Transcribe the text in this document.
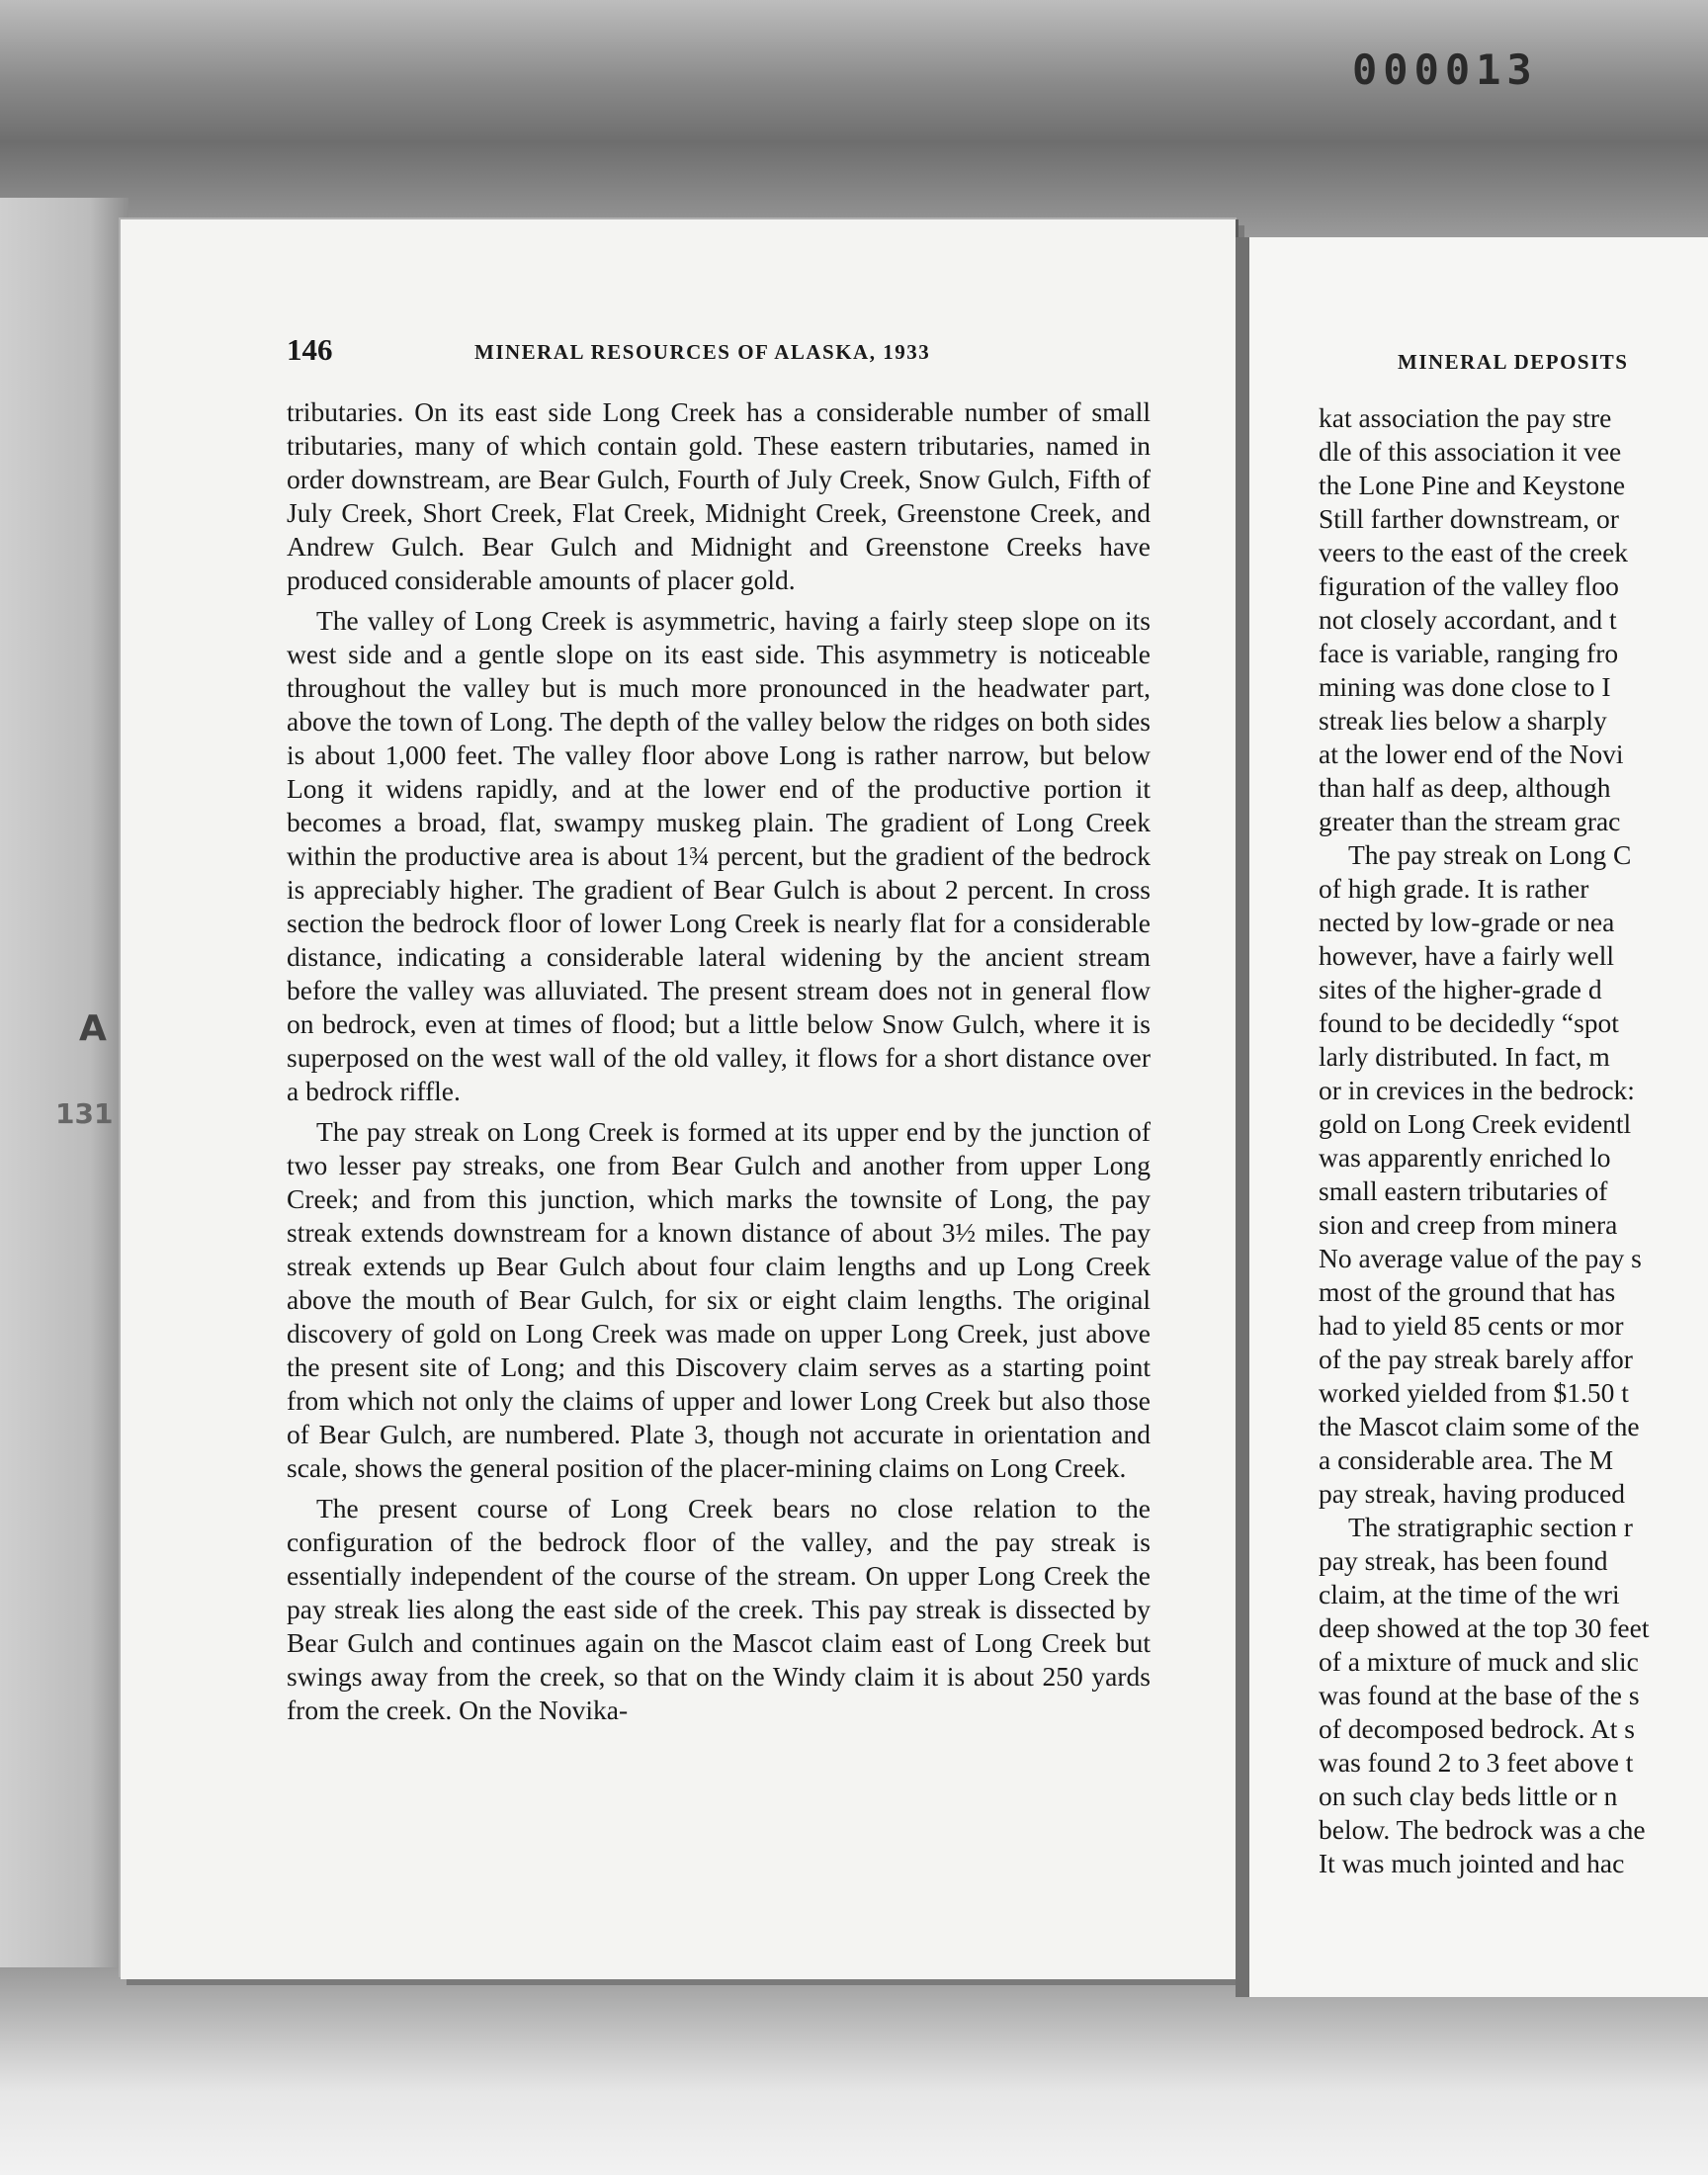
000013
146	MINERAL RESOURCES OF ALASKA, 1933

tributaries. On its east side Long Creek has a considerable number of small tributaries, many of which contain gold. These eastern tributaries, named in order downstream, are Bear Gulch, Fourth of July Creek, Snow Gulch, Fifth of July Creek, Short Creek, Flat Creek, Midnight Creek, Greenstone Creek, and Andrew Gulch. Bear Gulch and Midnight and Greenstone Creeks have produced considerable amounts of placer gold.

The valley of Long Creek is asymmetric, having a fairly steep slope on its west side and a gentle slope on its east side. This asymmetry is noticeable throughout the valley but is much more pronounced in the headwater part, above the town of Long. The depth of the valley below the ridges on both sides is about 1,000 feet. The valley floor above Long is rather narrow, but below Long it widens rapidly, and at the lower end of the productive portion it becomes a broad, flat, swampy muskeg plain. The gradient of Long Creek within the productive area is about 1¾ percent, but the gradient of the bedrock is appreciably higher. The gradient of Bear Gulch is about 2 percent. In cross section the bedrock floor of lower Long Creek is nearly flat for a considerable distance, indicating a considerable lateral widening by the ancient stream before the valley was alluviated. The present stream does not in general flow on bedrock, even at times of flood; but a little below Snow Gulch, where it is superposed on the west wall of the old valley, it flows for a short distance over a bedrock riffle.

The pay streak on Long Creek is formed at its upper end by the junction of two lesser pay streaks, one from Bear Gulch and another from upper Long Creek; and from this junction, which marks the townsite of Long, the pay streak extends downstream for a known distance of about 3½ miles. The pay streak extends up Bear Gulch about four claim lengths and up Long Creek above the mouth of Bear Gulch, for six or eight claim lengths. The original discovery of gold on Long Creek was made on upper Long Creek, just above the present site of Long; and this Discovery claim serves as a starting point from which not only the claims of upper and lower Long Creek but also those of Bear Gulch, are numbered. Plate 3, though not accurate in orientation and scale, shows the general position of the placer-mining claims on Long Creek.

The present course of Long Creek bears no close relation to the configuration of the bedrock floor of the valley, and the pay streak is essentially independent of the course of the stream. On upper Long Creek the pay streak lies along the east side of the creek. This pay streak is dissected by Bear Gulch and continues again on the Mascot claim east of Long Creek but swings away from the creek, so that on the Windy claim it is about 250 yards from the creek. On the Novika-

MINERAL DEPOSITS
kat association the pay stre
dle of this association it vee
the Lone Pine and Keystone
Still farther downstream, or
veers to the east of the creek
figuration of the valley floo
not closely accordant, and t
face is variable, ranging fro
mining was done close to I
streak lies below a sharply
at the lower end of the Novi
than half as deep, although
greater than the stream grac
The pay streak on Long C
of high grade. It is rather
nected by low-grade or nea
however, have a fairly well
sites of the higher-grade d
found to be decidedly “spot
larly distributed. In fact, m
or in crevices in the bedrock:
gold on Long Creek evidentl
was apparently enriched lo
small eastern tributaries of
sion and creep from minera
No average value of the pay s
most of the ground that has
had to yield 85 cents or mor
of the pay streak barely affor
worked yielded from $1.50 t
the Mascot claim some of the
a considerable area. The M
pay streak, having produced
The stratigraphic section r
pay streak, has been found
claim, at the time of the wri
deep showed at the top 30 feet
of a mixture of muck and slic
was found at the base of the s
of decomposed bedrock. At s
was found 2 to 3 feet above t
on such clay beds little or n
below. The bedrock was a che
It was much jointed and hac
A
131
